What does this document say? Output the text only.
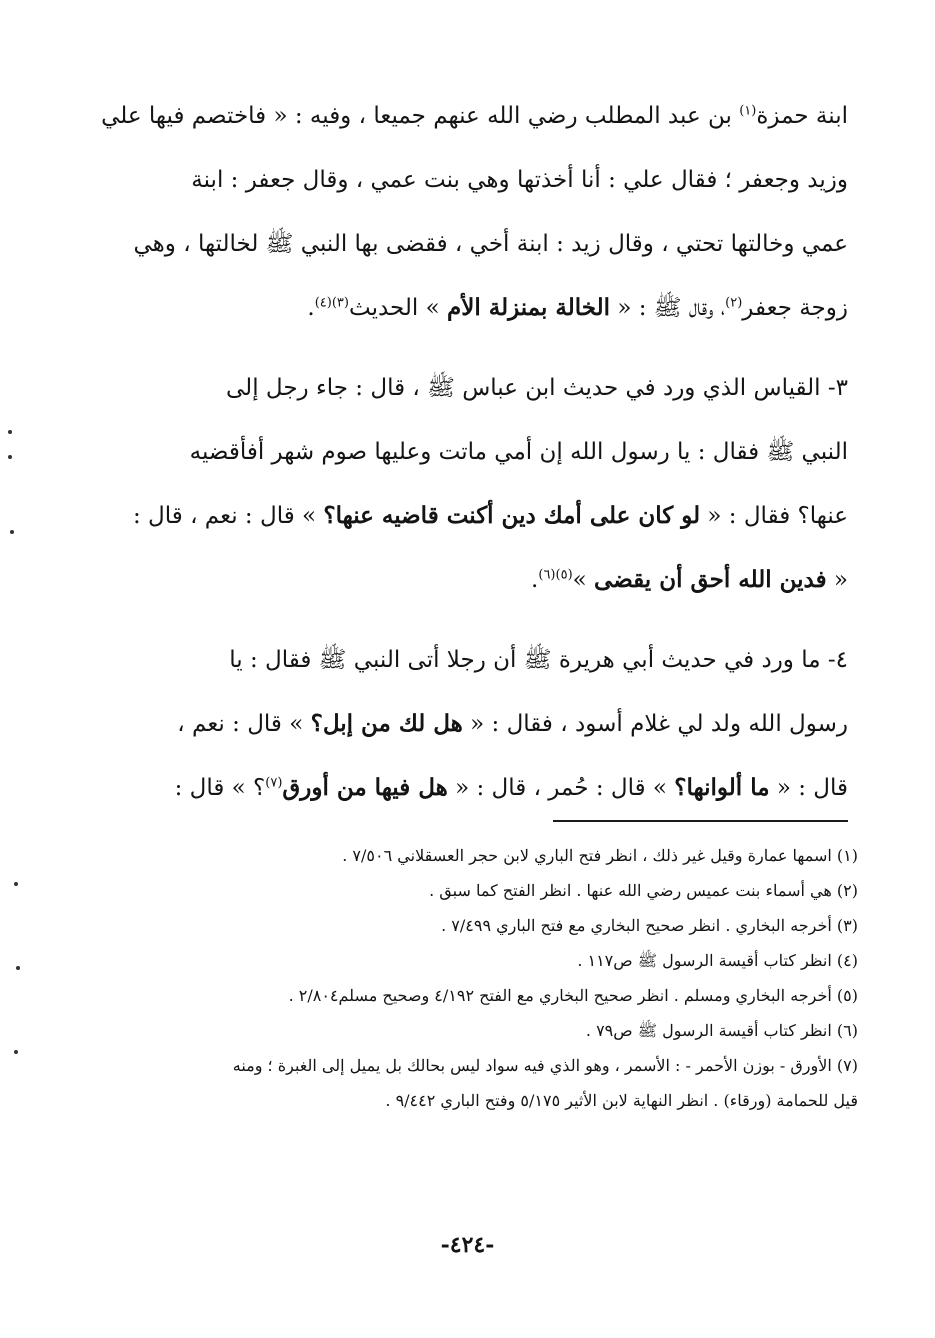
ابنة حمزة$^{(١)}$ بن عبد المطلب رضي الله عنهم جميعا ، وفيه : « فاختصم فيها علي
وزيد وجعفر ؛ فقال علي : أنا أخذتها وهي بنت عمي ، وقال جعفر : ابنة
عمي وخالتها تحتي ، وقال زيد : ابنة أخي ، فقضى بها النبي ﷺ لخالتها ، وهي
زوجة جعفر$^{(٢)}$، وقال ﷺ : « الخالة بمنزلة الأم » الحديث$^{(٣)(٤)}$.
٣- القياس الذي ورد في حديث ابن عباس ﷺ ، قال : جاء رجل إلى
النبي ﷺ فقال : يا رسول الله إن أمي ماتت وعليها صوم شهر أفأقضيه
عنها؟ فقال : « لو كان على أمك دين أكنت قاضيه عنها؟ » قال : نعم ، قال :
« فدين الله أحق أن يقضى »$^{(٥)(٦)}$.
٤- ما ورد في حديث أبي هريرة ﷺ أن رجلا أتى النبي ﷺ فقال : يا
رسول الله ولد لي غلام أسود ، فقال : « هل لك من إبل؟ » قال : نعم ،
قال : « ما ألوانها؟ » قال : حُمر ، قال : « هل فيها من أورق$^{(٧)}$؟ » قال :
(١) اسمها عمارة وقيل غير ذلك ، انظر فتح الباري لابن حجر العسقلاني ٧/٥٠٦ .
(٢) هي أسماء بنت عميس رضي الله عنها . انظر الفتح كما سبق .
(٣) أخرجه البخاري . انظر صحيح البخاري مع فتح الباري ٧/٤٩٩ .
(٤) انظر كتاب أقيسة الرسول ﷺ ص١١٧ .
(٥) أخرجه البخاري ومسلم . انظر صحيح البخاري مع الفتح ٤/١٩٢ وصحيح مسلم٢/٨٠٤ .
(٦) انظر كتاب أقيسة الرسول ﷺ ص٧٩ .
(٧) الأورق - بوزن الأحمر - : الأسمر ، وهو الذي فيه سواد ليس بحالك بل يميل إلى الغبرة ؛ ومنه
قيل للحمامة (ورقاء) . انظر النهاية لابن الأثير ٥/١٧٥ وفتح الباري ٩/٤٤٢ .
-٤٢٤-
